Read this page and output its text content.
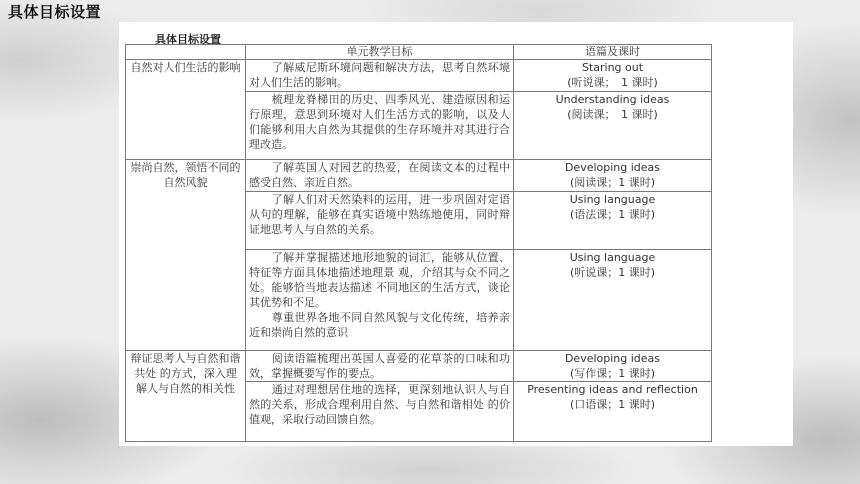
具体目标设置
具体目标设置
	单元教学目标	语篇及课时
自然对人们生活的影响	　　了解威尼斯环境问题和解决方法，思考自然环境对人们生活的影响。	Staring out
(听说课；　1 课时)

	　　梳理龙脊梯田的历史、四季风光、建造原因和运行原理，意思到环境对人们生活方式的影响，以及人们能够利用大自然为其提供的生存环境并对其进行合理改造。	Understanding ideas
(阅读课；　1 课时)

崇尚自然，领悟不同的自然风貌	　　了解英国人对园艺的热爱，在阅读文本的过程中感受自然、亲近自然。	Developing ideas
(阅读课；1 课时)

	　　了解人们对天然染料的运用，进一步巩固对定语从句的理解，能够在真实语境中熟练地使用，同时辩证地思考人与自然的关系。	Using language
(语法课；1 课时)

	　　了解并掌握描述地形地貌的词汇，能够从位置、特征等方面具体地描述地理景 观，介绍其与众不同之处。能够恰当地表达描述 不同地区的生活方式，谈论其优势和不足。
　　尊重世界各地不同自然风貌与文化传统，培养亲 近和崇尚自然的意识	Using language
(听说课；1 课时)

辩证思考人与自然和谐共处 的方式，深入理解人与自然的相关性	　　阅读语篇梳理出英国人喜爱的花草茶的口味和功效，掌握概要写作的要点。	Developing ideas
(写作课；1 课时)

	　　通过对理想居住地的选择，更深刻地认识人与自 然的关系，形成合理利用自然、与自然和谐相处 的价值观，采取行动回馈自然。	Presenting ideas and reflection
(口语课；1 课时)
